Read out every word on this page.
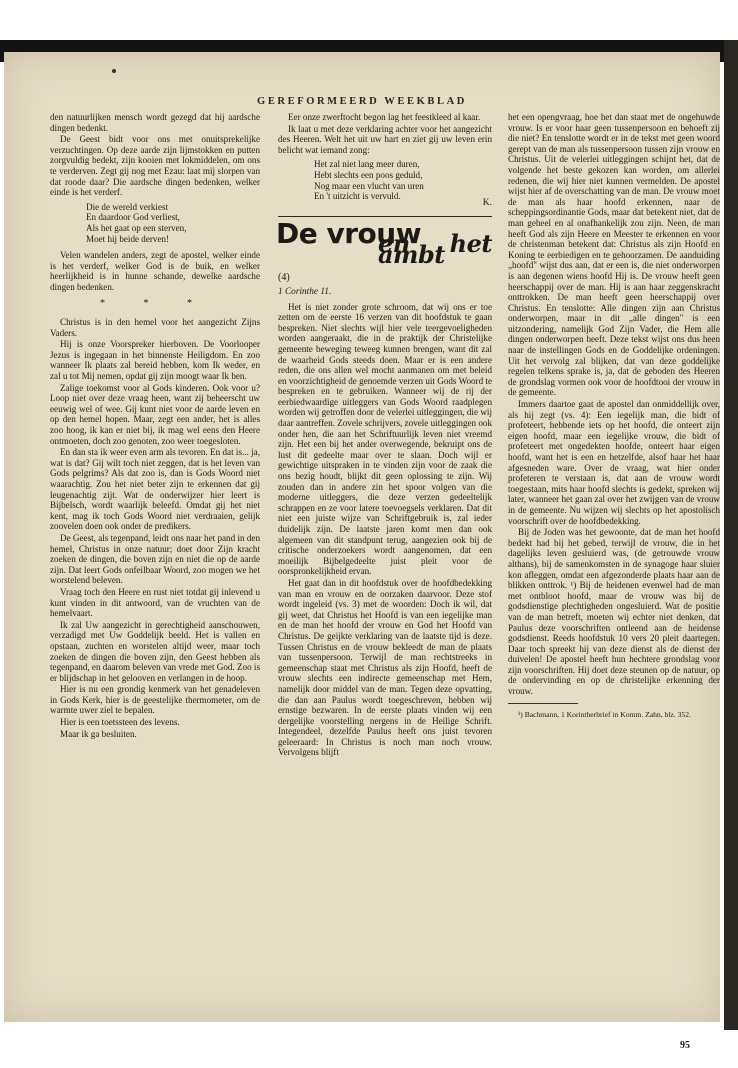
GEREFORMEERD WEEKBLAD

den natuurlijken mensch wordt gezegd dat hij aardsche dingen bedenkt.

De Geest bidt voor ons met onuitsprekelijke verzuchtingen. Op deze aarde zijn lijmstokken en putten zorgvuldig bedekt, zijn kooien met lokmiddelen, om ons te verderven. Zegt gij nog met Ezau: laat mij slorpen van dat roode daar? Die aardsche dingen bedenken, welker einde is het verderf.

Die de wereld verkiest
En daardoor God verliest,
Als het gaat op een sterven,
Moet hij beide derven!

Velen wandelen anders, zegt de apostel, welker einde is het verderf, welker God is de buik, en welker heerlijkheid is in hunne schande, dewelke aardsche dingen bedenken.

* * *

Christus is in den hemel voor het aangezicht Zijns Vaders.

Hij is onze Voorspreker hierboven. De Voorlooper Jezus is ingegaan in het binnenste Heiligdom. En zoo wanneer Ik plaats zal bereid hebben, kom Ik weder, en zal u tot Mij nemen, opdat gij zijn moogt waar Ik ben.

Zalige toekomst voor al Gods kinderen. Ook voor u? Loop niet over deze vraag heen, want zij beheerscht uw eeuwig wel of wee. Gij kunt niet voor de aarde leven en op den hemel hopen. Maar, zegt een ander, het is alles zoo hoog, ik kan er niet bij, ik mag wel eens den Heere ontmoeten, doch zoo genoten, zoo weer toegesloten.

En dan sta ik weer even arm als tevoren. En dat is... ja, wat is dat? Gij wilt toch niet zeggen, dat is het leven van Gods pelgrims? Als dat zoo is, dan is Gods Woord niet waarachtig. Zou het niet beter zijn te erkennen dat gij leugenachtig zijt. Wat de onderwijzer hier leert is Bijbelsch, wordt waarlijk beleefd. Omdat gij het niet kent, mag ik toch Gods Woord niet verdraaien, gelijk zoovelen doen ook onder de predikers.

De Geest, als tegenpand, leidt ons naar het pand in den hemel, Christus in onze natuur; doet door Zijn kracht zoeken de dingen, die boven zijn en niet die op de aarde zijn. Dat leert Gods onfeilbaar Woord, zoo mogen we het worstelend beleven.

Vraag toch den Heere en rust niet totdat gij inlevend u kunt vinden in dit antwoord, van de vruchten van de hemelvaart.

Ik zal Uw aangezicht in gerechtigheid aanschouwen, verzadigd met Uw Goddelijk beeld. Het is vallen en opstaan, zuchten en worstelen altijd weer, maar toch zoeken de dingen die boven zijn, den Geest hebben als tegenpand, en daarom beleven van vrede met God. Zoo is er blijdschap in het gelooven en verlangen in de hoop.

Hier is nu een grondig kenmerk van het genadeleven in Gods Kerk, hier is de geestelijke thermometer, om de warmte uwer ziel te bepalen.

Hier is een toetssteen des levens.

Maar ik ga besluiten.

Eer onze zwerftocht begon lag het feestkleed al kaar.

Ik laat u met deze verklaring achter voor het aangezicht des Heeren. Welt het uit uw hart en ziet gij uw leven erin belicht wat iemand zong:

Het zal niet lang meer duren,
Hebt slechts een poos geduld,
Nog maar een vlucht van uren
En 't uitzicht is vervuld.
K.
De vrouw
en het ambt
(4)
1 Corinthe 11.

Het is niet zonder grote schroom, dat wij ons er toe zetten om de eerste 16 verzen van dit hoofdstuk te gaan bespreken. Niet slechts wijl hier vele teergevoeligheden worden aangeraakt, die in de praktijk der Christelijke gemeente beweging teweeg kunnen brengen, want dit zal de waarheid Gods steeds doen. Maar er is een andere reden, die ons allen wel mocht aanmanen om met beleid en voorzichtigheid de genoemde verzen uit Gods Woord te bespreken en te gebruiken. Wanneer wij de rij der eerbiedwaardige uitleggers van Gods Woord raadplegen worden wij getroffen door de velerlei uitleggingen, die wij daar aantreffen. Zovele schrijvers, zovele uitleggingen ook onder hen, die aan het Schriftuurlijk leven niet vreemd zijn. Het een bij het ander overwegende, bekruipt ons de lust dit gedeelte maar over te slaan. Doch wijl er gewichtige uitspraken in te vinden zijn voor de zaak die ons bezig houdt, blijkt dit geen oplossing te zijn. Wij zouden dan in andere zin het spoor volgen van die moderne uitleggers, die deze verzen gedeeltelijk schrappen en ze voor latere toevoegsels verklaren. Dat dit niet een juiste wijze van Schriftgebruik is, zal ieder duidelijk zijn. De laatste jaren komt men dan ook algemeen van dit standpunt terug, aangezien ook bij de critische onderzoekers wordt aangenomen, dat een moeilijk Bijbelgedeelte juist pleit voor de oorspronkelijkheid ervan.

Het gaat dan in dit hoofdstuk over de hoofdbedekking van man en vrouw en de oorzaken daarvoor. Deze stof wordt ingeleid (vs. 3) met de woorden: Doch ik wil, dat gij weet, dat Christus het Hoofd is van een iegelijke man en de man het hoofd der vrouw en God het Hoofd van Christus. De geijkte verklaring van de laatste tijd is deze. Tussen Christus en de vrouw bekleedt de man de plaats van tussenpersoon. Terwijl de man rechtstreeks in gemeenschap staat met Christus als zijn Hoofd, heeft de vrouw slechts een indirecte gemeenschap met Hem, namelijk door middel van de man. Tegen deze opvatting, die dan aan Paulus wordt toegeschreven, hebben wij ernstige bezwaren. In de eerste plaats vinden wij een dergelijke voorstelling nergens in de Heilige Schrift. Integendeel, dezelfde Paulus heeft ons juist tevoren geleeraard: In Christus is noch man noch vrouw. Vervolgens blijft

het een opengvraag, hoe het dan staat met de ongehuwde vrouw. Is er voor haar geen tussenpersoon en behoeft zij die niet? En tenslotte wordt er in de tekst met geen woord gerept van de man als tussenpersoon tussen zijn vrouw en Christus. Uit de velerlei uitleggingen schijnt het, dat de volgende het beste gekozen kan worden, om allerlei redenen, die wij hier niet kunnen vermelden. De apostel wijst hier af de overschatting van de man. De vrouw moet de man als haar hoofd erkennen, naar de scheppingsordinantie Gods, maar dat betekent niet, dat de man geheel en al onafhankelijk zou zijn. Neen, de man heeft God als zijn Heere en Meester te erkennen en voor de christenman betekent dat: Christus als zijn Hoofd en Koning te eerbiedigen en te gehoorzamen. De aanduiding „hoofd" wijst dus aan, dat er een is, die niet onderworpen is aan degenen wiens hoofd Hij is. De vrouw heeft geen heerschappij over de man. Hij is aan haar zeggenskracht onttrokken. De man heeft geen heerschappij over Christus. En tenslotte: Alle dingen zijn aan Christus onderworpen, maar in dit „alle dingen" is een uitzondering, namelijk God Zijn Vader, die Hem alle dingen onderworpen heeft. Deze tekst wijst ons dus heen naar de instellingen Gods en de Goddelijke ordeningen. Uit het vervolg zal blijken, dat van deze goddelijke regelen telkens sprake is, ja, dat de geboden des Heeren de grondslag vormen ook voor de hoofdtooi der vrouw in de gemeente.

Immers daartoe gaat de apostel dan onmiddellijk over, als hij zegt (vs. 4): Een iegelijk man, die bidt of profeteert, hebbende iets op het hoofd, die onteert zijn eigen hoofd, maar een iegelijke vrouw, die bidt of profeteert met ongedekten hoofde, onteert haar eigen hoofd, want het is een en hetzelfde, alsof haar het haar afgesneden ware. Over de vraag, wat hier onder profeteren te verstaan is, dat aan de vrouw wordt toegestaan, mits haar hoofd slechts is gedekt, spreken wij later, wanneer het gaan zal over het zwijgen van de vrouw in de gemeente. Nu wijzen wij slechts op het apostolisch voorschrift over de hoofdbedekking.

Bij de Joden was het gewoonte, dat de man het hoofd bedekt had bij het gebed, terwijl de vrouw, die in het dagelijks leven gesluierd was, (de getrouwde vrouw althans), bij de samenkomsten in de synagoge haar sluier kon afleggen, omdat een afgezonderde plaats haar aan de blikken onttrok. ¹) Bij de heidenen evenwel had de man met ontbloot hoofd, maar de vrouw was bij de godsdienstige plechtigheden ongesluierd. Wat de positie van de man betreft, moeten wij echter niet denken, dat Paulus deze voorschriften ontleend aan de heidense godsdienst. Reeds hoofdstuk 10 vers 20 pleit daartegen. Daar toch spreekt hij van deze dienst als de dienst der duivelen! De apostel heeft hun hechtere grondslag voor zijn voorschriften. Hij doet deze steunen op de natuur, op de ondervinding en op de christelijke erkenning der vrouw.

¹) Bachmann, 1 Korintherbrief in Komm. Zahn, blz. 352.

95
